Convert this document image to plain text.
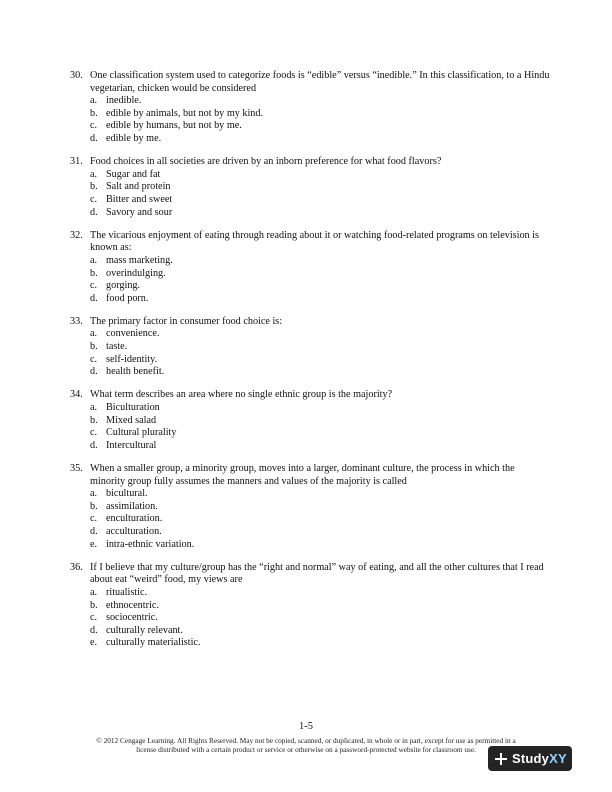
30. One classification system used to categorize foods is “edible” versus “inedible.” In this classification, to a Hindu vegetarian, chicken would be considered
a. inedible.
b. edible by animals, but not by my kind.
c. edible by humans, but not by me.
d. edible by me.
31. Food choices in all societies are driven by an inborn preference for what food flavors?
a. Sugar and fat
b. Salt and protein
c. Bitter and sweet
d. Savory and sour
32. The vicarious enjoyment of eating through reading about it or watching food-related programs on television is known as:
a. mass marketing.
b. overindulging.
c. gorging.
d. food porn.
33. The primary factor in consumer food choice is:
a. convenience.
b. taste.
c. self-identity.
d. health benefit.
34. What term describes an area where no single ethnic group is the majority?
a. Biculturation
b. Mixed salad
c. Cultural plurality
d. Intercultural
35. When a smaller group, a minority group, moves into a larger, dominant culture, the process in which the minority group fully assumes the manners and values of the majority is called
a. bicultural.
b. assimilation.
c. enculturation.
d. acculturation.
e. intra-ethnic variation.
36. If I believe that my culture/group has the “right and normal” way of eating, and all the other cultures that I read about eat “weird” food, my views are
a. ritualistic.
b. ethnocentric.
c. sociocentric.
d. culturally relevant.
e. culturally materialistic.
1-5
© 2012 Cengage Learning. All Rights Reserved. May not be copied, scanned, or duplicated, in whole or in part, except for use as permitted in a
license distributed with a certain product or service or otherwise on a password-protected website for classroom use.
StudyXY
